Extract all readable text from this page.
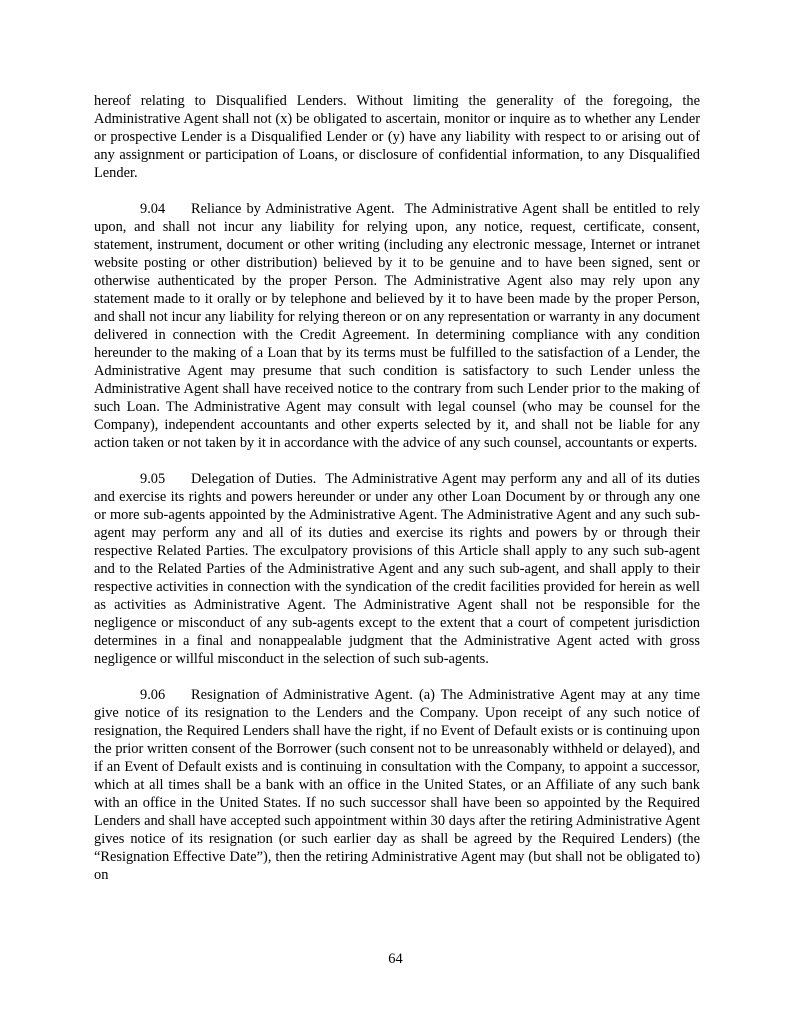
hereof relating to Disqualified Lenders. Without limiting the generality of the foregoing, the Administrative Agent shall not (x) be obligated to ascertain, monitor or inquire as to whether any Lender or prospective Lender is a Disqualified Lender or (y) have any liability with respect to or arising out of any assignment or participation of Loans, or disclosure of confidential information, to any Disqualified Lender.

9.04 Reliance by Administrative Agent. The Administrative Agent shall be entitled to rely upon, and shall not incur any liability for relying upon, any notice, request, certificate, consent, statement, instrument, document or other writing (including any electronic message, Internet or intranet website posting or other distribution) believed by it to be genuine and to have been signed, sent or otherwise authenticated by the proper Person. The Administrative Agent also may rely upon any statement made to it orally or by telephone and believed by it to have been made by the proper Person, and shall not incur any liability for relying thereon or on any representation or warranty in any document delivered in connection with the Credit Agreement. In determining compliance with any condition hereunder to the making of a Loan that by its terms must be fulfilled to the satisfaction of a Lender, the Administrative Agent may presume that such condition is satisfactory to such Lender unless the Administrative Agent shall have received notice to the contrary from such Lender prior to the making of such Loan. The Administrative Agent may consult with legal counsel (who may be counsel for the Company), independent accountants and other experts selected by it, and shall not be liable for any action taken or not taken by it in accordance with the advice of any such counsel, accountants or experts.

9.05 Delegation of Duties. The Administrative Agent may perform any and all of its duties and exercise its rights and powers hereunder or under any other Loan Document by or through any one or more sub-agents appointed by the Administrative Agent. The Administrative Agent and any such sub-agent may perform any and all of its duties and exercise its rights and powers by or through their respective Related Parties. The exculpatory provisions of this Article shall apply to any such sub-agent and to the Related Parties of the Administrative Agent and any such sub-agent, and shall apply to their respective activities in connection with the syndication of the credit facilities provided for herein as well as activities as Administrative Agent. The Administrative Agent shall not be responsible for the negligence or misconduct of any sub-agents except to the extent that a court of competent jurisdiction determines in a final and nonappealable judgment that the Administrative Agent acted with gross negligence or willful misconduct in the selection of such sub-agents.

9.06 Resignation of Administrative Agent. (a) The Administrative Agent may at any time give notice of its resignation to the Lenders and the Company. Upon receipt of any such notice of resignation, the Required Lenders shall have the right, if no Event of Default exists or is continuing upon the prior written consent of the Borrower (such consent not to be unreasonably withheld or delayed), and if an Event of Default exists and is continuing in consultation with the Company, to appoint a successor, which at all times shall be a bank with an office in the United States, or an Affiliate of any such bank with an office in the United States. If no such successor shall have been so appointed by the Required Lenders and shall have accepted such appointment within 30 days after the retiring Administrative Agent gives notice of its resignation (or such earlier day as shall be agreed by the Required Lenders) (the “Resignation Effective Date”), then the retiring Administrative Agent may (but shall not be obligated to) on

64
